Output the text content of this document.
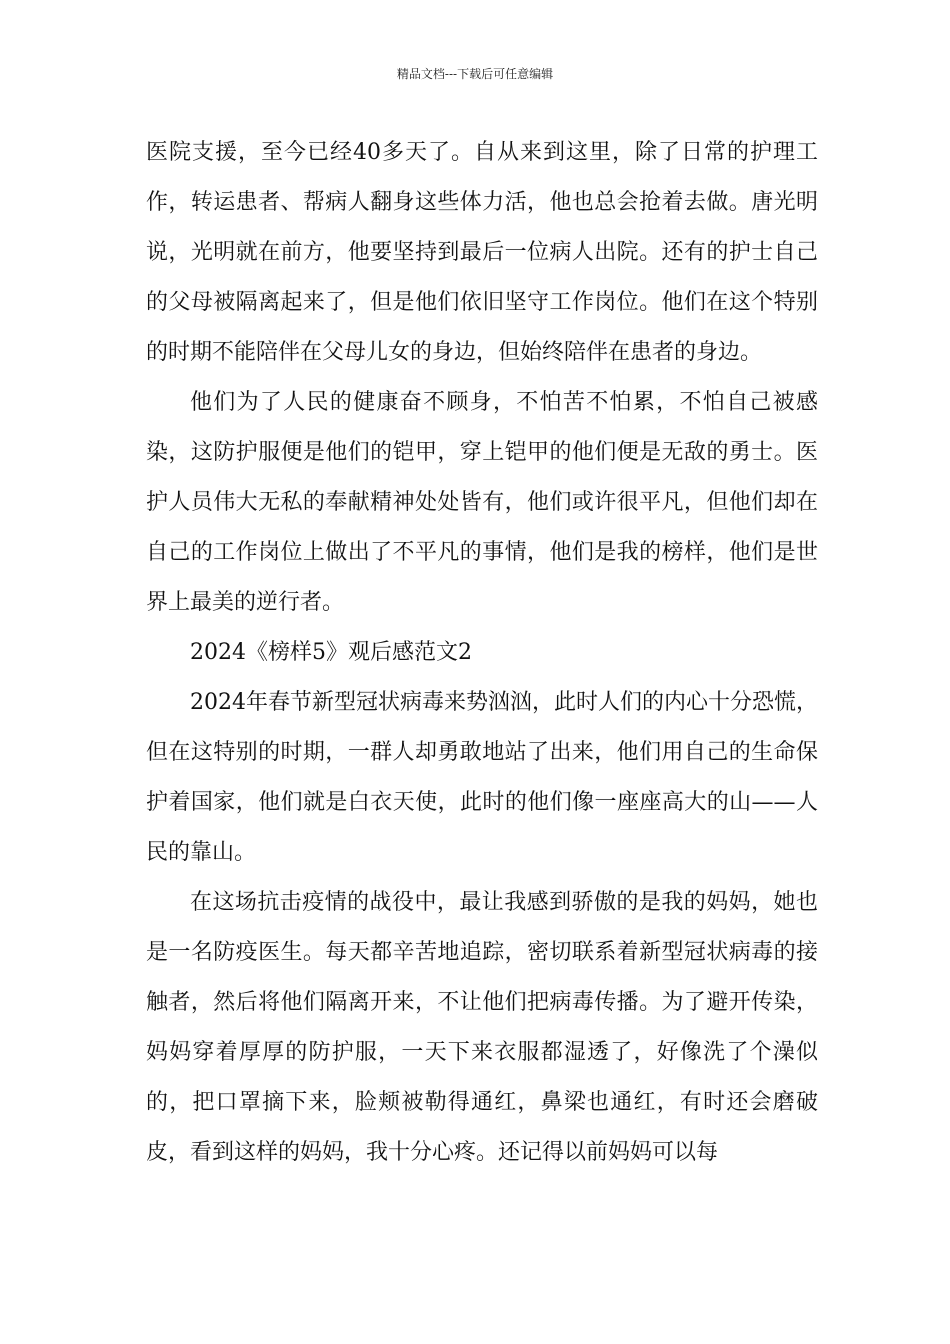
精品文档---下载后可任意编辑

医院支援，至今已经40多天了。自从来到这里，除了日常的护理工作，转运患者、帮病人翻身这些体力活，他也总会抢着去做。唐光明说，光明就在前方，他要坚持到最后一位病人出院。还有的护士自己的父母被隔离起来了，但是他们依旧坚守工作岗位。他们在这个特别的时期不能陪伴在父母儿女的身边，但始终陪伴在患者的身边。

他们为了人民的健康奋不顾身，不怕苦不怕累，不怕自己被感染，这防护服便是他们的铠甲，穿上铠甲的他们便是无敌的勇士。医护人员伟大无私的奉献精神处处皆有，他们或许很平凡，但他们却在自己的工作岗位上做出了不平凡的事情，他们是我的榜样，他们是世界上最美的逆行者。

2024《榜样5》观后感范文2

2024年春节新型冠状病毒来势汹汹，此时人们的内心十分恐慌，但在这特别的时期，一群人却勇敢地站了出来，他们用自己的生命保护着国家，他们就是白衣天使，此时的他们像一座座高大的山——人民的靠山。

在这场抗击疫情的战役中，最让我感到骄傲的是我的妈妈，她也是一名防疫医生。每天都辛苦地追踪，密切联系着新型冠状病毒的接触者，然后将他们隔离开来，不让他们把病毒传播。为了避开传染，妈妈穿着厚厚的防护服，一天下来衣服都湿透了，好像洗了个澡似的，把口罩摘下来，脸颊被勒得通红，鼻梁也通红，有时还会磨破皮，看到这样的妈妈，我十分心疼。还记得以前妈妈可以每
